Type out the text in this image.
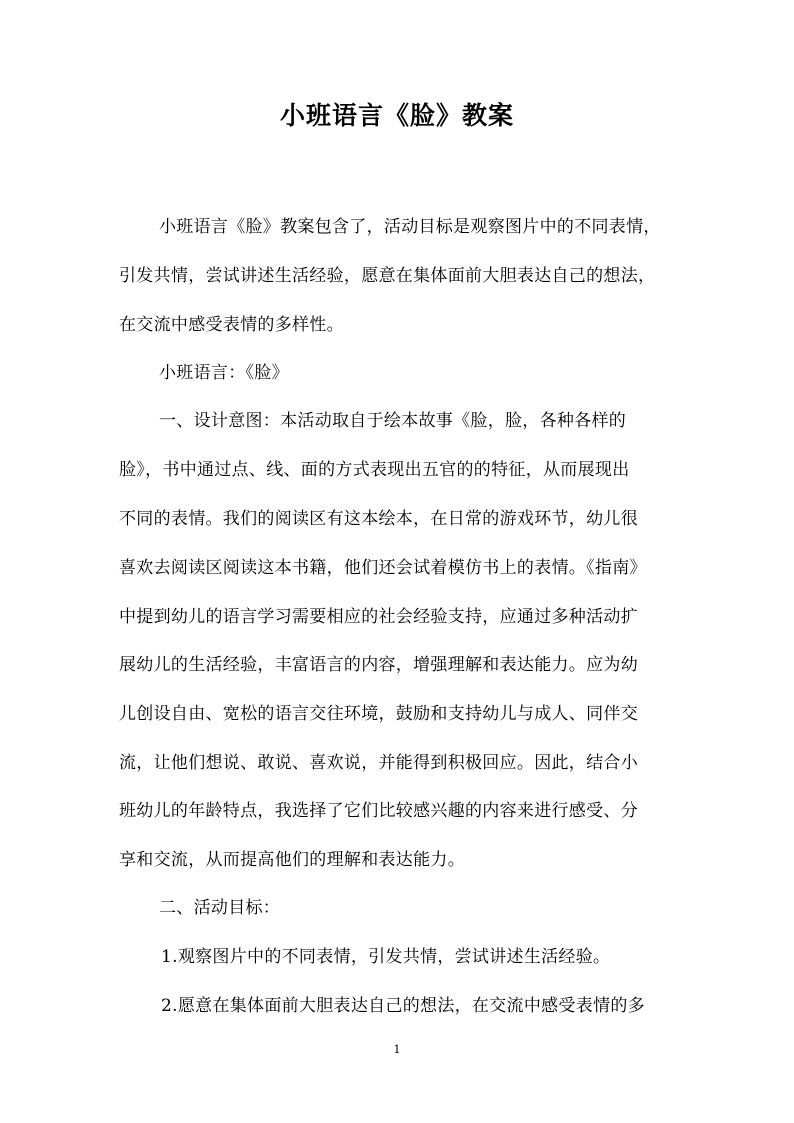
小班语言《脸》教案
小班语言《脸》教案包含了，活动目标是观察图片中的不同表情，
引发共情，尝试讲述生活经验，愿意在集体面前大胆表达自己的想法，
在交流中感受表情的多样性。
小班语言：《脸》
一、设计意图：本活动取自于绘本故事《脸，脸，各种各样的
脸》，书中通过点、线、面的方式表现出五官的的特征，从而展现出
不同的表情。我们的阅读区有这本绘本，在日常的游戏环节，幼儿很
喜欢去阅读区阅读这本书籍，他们还会试着模仿书上的表情。《指南》
中提到幼儿的语言学习需要相应的社会经验支持，应通过多种活动扩
展幼儿的生活经验，丰富语言的内容，增强理解和表达能力。应为幼
儿创设自由、宽松的语言交往环境，鼓励和支持幼儿与成人、同伴交
流，让他们想说、敢说、喜欢说，并能得到积极回应。因此，结合小
班幼儿的年龄特点，我选择了它们比较感兴趣的内容来进行感受、分
享和交流，从而提高他们的理解和表达能力。
二、活动目标：
1.观察图片中的不同表情，引发共情，尝试讲述生活经验。
2.愿意在集体面前大胆表达自己的想法，在交流中感受表情的多
1
